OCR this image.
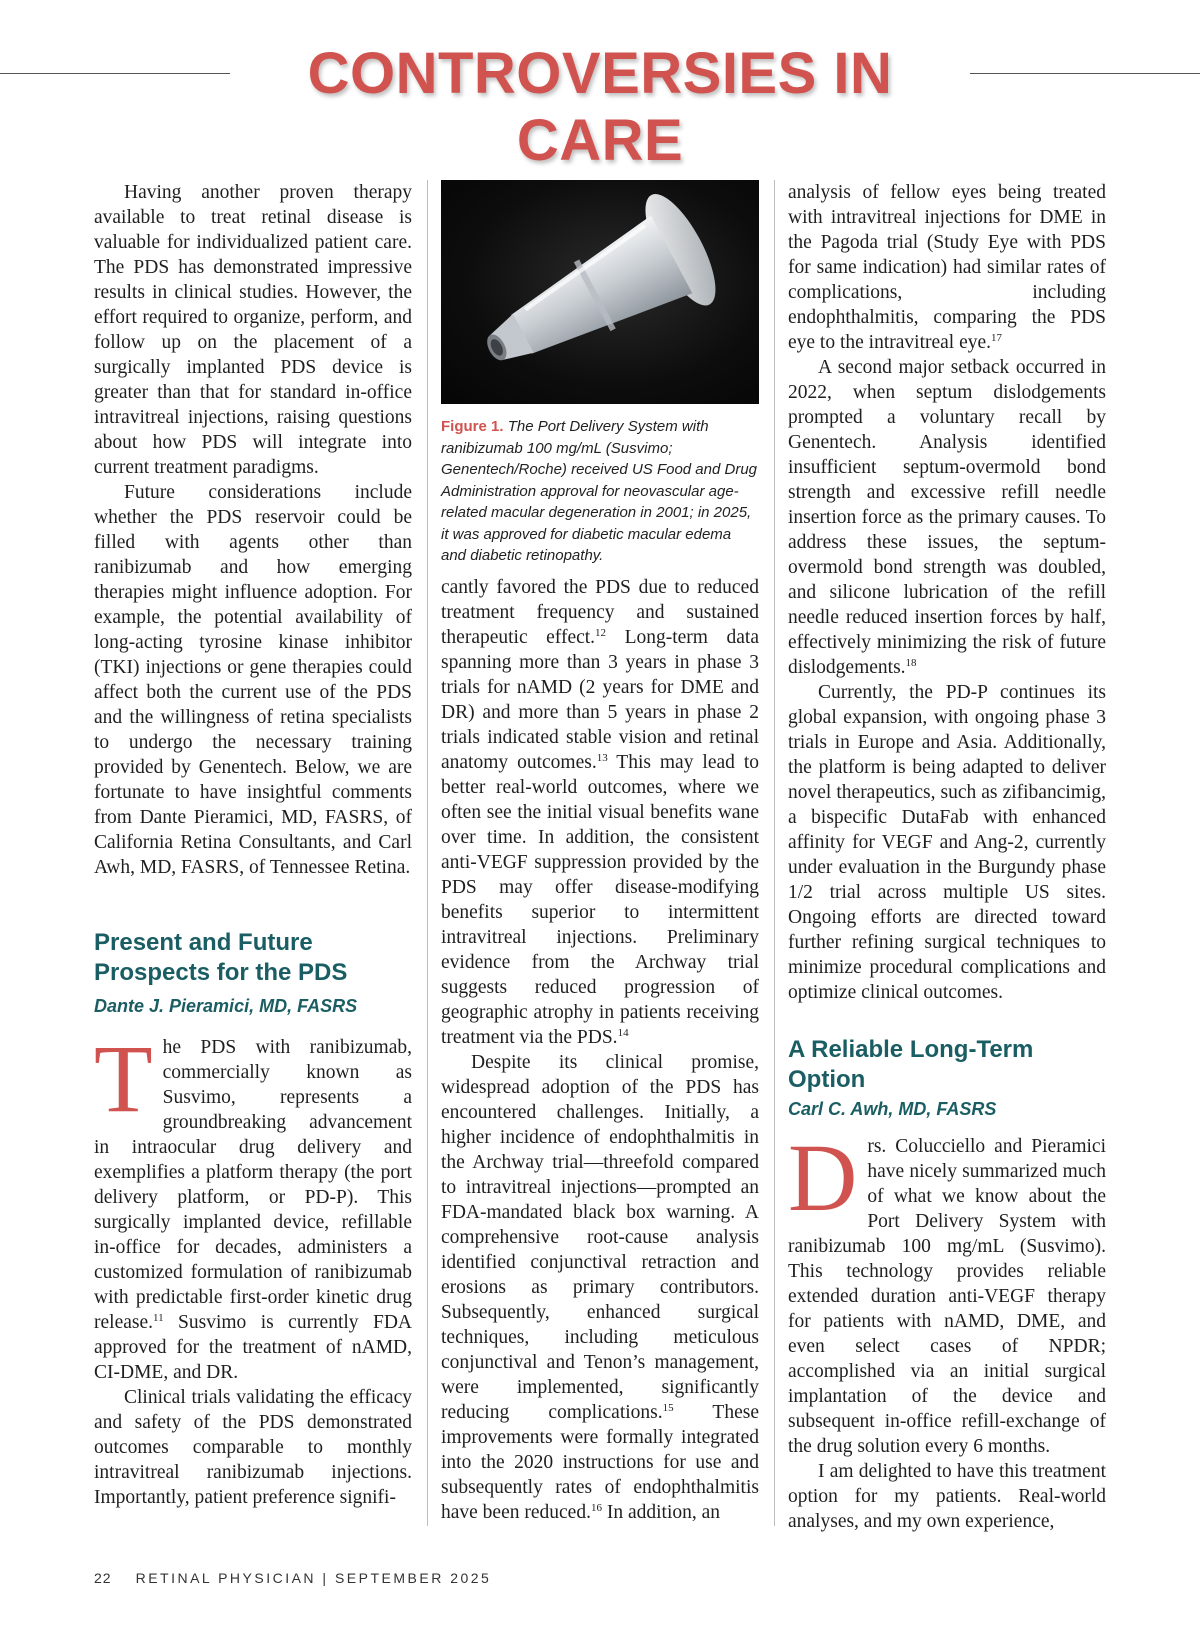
CONTROVERSIES IN CARE

Having another proven therapy available to treat retinal disease is valuable for individualized patient care. The PDS has demonstrated impressive results in clinical studies. However, the effort required to organize, perform, and follow up on the placement of a surgically implanted PDS device is greater than that for standard in-office intravitreal injections, raising questions about how PDS will integrate into current treatment paradigms.

Future considerations include whether the PDS reservoir could be filled with agents other than ranibizumab and how emerging therapies might influence adoption. For example, the potential availability of long-acting tyrosine kinase inhibitor (TKI) injections or gene therapies could affect both the current use of the PDS and the willingness of retina specialists to undergo the necessary training provided by Genentech. Below, we are fortunate to have insightful comments from Dante Pieramici, MD, FASRS, of California Retina Consultants, and Carl Awh, MD, FASRS, of Tennessee Retina.

Present and Future Prospects for the PDS

Dante J. Pieramici, MD, FASRS

The PDS with ranibizumab, commercially known as Susvimo, represents a groundbreaking advancement in intraocular drug delivery and exemplifies a platform therapy (the port delivery platform, or PD-P). This surgically implanted device, refillable in-office for decades, administers a customized formulation of ranibizumab with predictable first-order kinetic drug release.$^{11}$ Susvimo is currently FDA approved for the treatment of nAMD, CI-DME, and DR.

Clinical trials validating the efficacy and safety of the PDS demonstrated outcomes comparable to monthly intravitreal ranibizumab injections. Importantly, patient preference signifi-

Figure 1. The Port Delivery System with ranibizumab 100 mg/mL (Susvimo; Genentech/Roche) received US Food and Drug Administration approval for neovascular age-related macular degeneration in 2001; in 2025, it was approved for diabetic macular edema and diabetic retinopathy.

cantly favored the PDS due to reduced treatment frequency and sustained therapeutic effect.$^{12}$ Long-term data spanning more than 3 years in phase 3 trials for nAMD (2 years for DME and DR) and more than 5 years in phase 2 trials indicated stable vision and retinal anatomy outcomes.$^{13}$ This may lead to better real-world outcomes, where we often see the initial visual benefits wane over time. In addition, the consistent anti-VEGF suppression provided by the PDS may offer disease-modifying benefits superior to intermittent intravitreal injections. Preliminary evidence from the Archway trial suggests reduced progression of geographic atrophy in patients receiving treatment via the PDS.$^{14}$

Despite its clinical promise, widespread adoption of the PDS has encountered challenges. Initially, a higher incidence of endophthalmitis in the Archway trial—threefold compared to intravitreal injections—prompted an FDA-mandated black box warning. A comprehensive root-cause analysis identified conjunctival retraction and erosions as primary contributors. Subsequently, enhanced surgical techniques, including meticulous conjunctival and Tenon’s management, were implemented, significantly reducing complications.$^{15}$ These improvements were formally integrated into the 2020 instructions for use and subsequently rates of endophthalmitis have been reduced.$^{16}$ In addition, an

analysis of fellow eyes being treated with intravitreal injections for DME in the Pagoda trial (Study Eye with PDS for same indication) had similar rates of complications, including endophthalmitis, comparing the PDS eye to the intravitreal eye.$^{17}$

A second major setback occurred in 2022, when septum dislodgements prompted a voluntary recall by Genentech. Analysis identified insufficient septum-overmold bond strength and excessive refill needle insertion force as the primary causes. To address these issues, the septum-overmold bond strength was doubled, and silicone lubrication of the refill needle reduced insertion forces by half, effectively minimizing the risk of future dislodgements.$^{18}$

Currently, the PD-P continues its global expansion, with ongoing phase 3 trials in Europe and Asia. Additionally, the platform is being adapted to deliver novel therapeutics, such as zifibancimig, a bispecific DutaFab with enhanced affinity for VEGF and Ang-2, currently under evaluation in the Burgundy phase 1/2 trial across multiple US sites. Ongoing efforts are directed toward further refining surgical techniques to minimize procedural complications and optimize clinical outcomes.

A Reliable Long-Term Option

Carl C. Awh, MD, FASRS

Drs. Colucciello and Pieramici have nicely summarized much of what we know about the Port Delivery System with ranibizumab 100 mg/mL (Susvimo). This technology provides reliable extended duration anti-VEGF therapy for patients with nAMD, DME, and even select cases of NPDR; accomplished via an initial surgical implantation of the device and subsequent in-office refill-exchange of the drug solution every 6 months.

I am delighted to have this treatment option for my patients. Real-world analyses, and my own experience,

22 RETINAL PHYSICIAN | SEPTEMBER 2025
